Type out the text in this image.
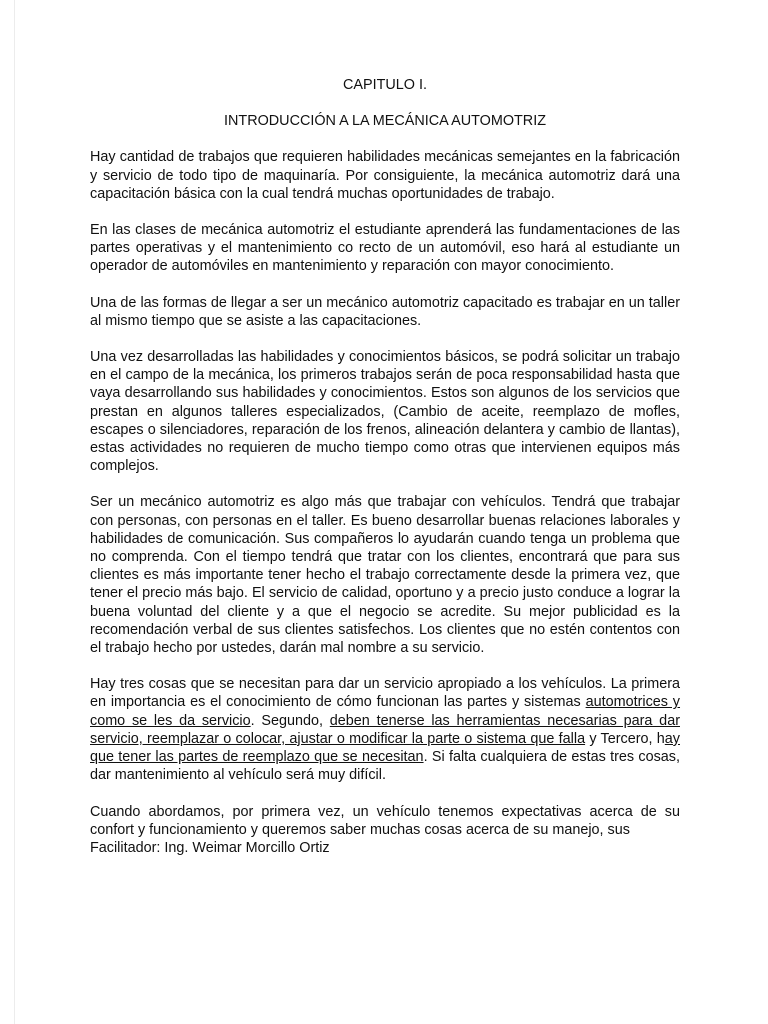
CAPITULO I.

INTRODUCCIÓN A LA MECÁNICA AUTOMOTRIZ

Hay cantidad de trabajos que requieren habilidades mecánicas semejantes en la fabricación y servicio de todo tipo de maquinaría. Por consiguiente, la mecánica automotriz dará una capacitación básica con la cual tendrá muchas oportunidades de trabajo.

En las clases de mecánica automotriz el estudiante aprenderá las fundamentaciones de las partes operativas y el mantenimiento co recto de un automóvil, eso hará al estudiante un operador de automóviles en mantenimiento y reparación con mayor conocimiento.

Una de las formas de llegar a ser un mecánico automotriz capacitado es trabajar en un taller al mismo tiempo que se asiste a las capacitaciones.

Una vez desarrolladas las habilidades y conocimientos básicos, se podrá solicitar un trabajo en el campo de la mecánica, los primeros trabajos serán de poca responsabilidad hasta que vaya desarrollando sus habilidades y conocimientos. Estos son algunos de los servicios que prestan en algunos talleres especializados, (Cambio de aceite, reemplazo de mofles, escapes o silenciadores, reparación de los frenos, alineación delantera y cambio de llantas), estas actividades no requieren de mucho tiempo como otras que intervienen equipos más complejos.

Ser un mecánico automotriz es algo más que trabajar con vehículos. Tendrá que trabajar con personas, con personas en el taller. Es bueno desarrollar buenas relaciones laborales y habilidades de comunicación. Sus compañeros lo ayudarán cuando tenga un problema que no comprenda. Con el tiempo tendrá que tratar con los clientes, encontrará que para sus clientes es más importante tener hecho el trabajo correctamente desde la primera vez, que tener el precio más bajo. El servicio de calidad, oportuno y a precio justo conduce a lograr la buena voluntad del cliente y a que el negocio se acredite. Su mejor publicidad es la recomendación verbal de sus clientes satisfechos. Los clientes que no estén contentos con el trabajo hecho por ustedes, darán mal nombre a su servicio.

Hay tres cosas que se necesitan para dar un servicio apropiado a los vehículos. La primera en importancia es el conocimiento de cómo funcionan las partes y sistemas automotrices y como se les da servicio. Segundo, deben tenerse las herramientas necesarias para dar servicio, reemplazar o colocar, ajustar o modificar la parte o sistema que falla y Tercero, hay que tener las partes de reemplazo que se necesitan. Si falta cualquiera de estas tres cosas, dar mantenimiento al vehículo será muy difícil.

Cuando abordamos, por primera vez, un vehículo tenemos expectativas acerca de su confort y funcionamiento y queremos saber muchas cosas acerca de su manejo, sus

Facilitador: Ing. Weimar Morcillo Ortiz
